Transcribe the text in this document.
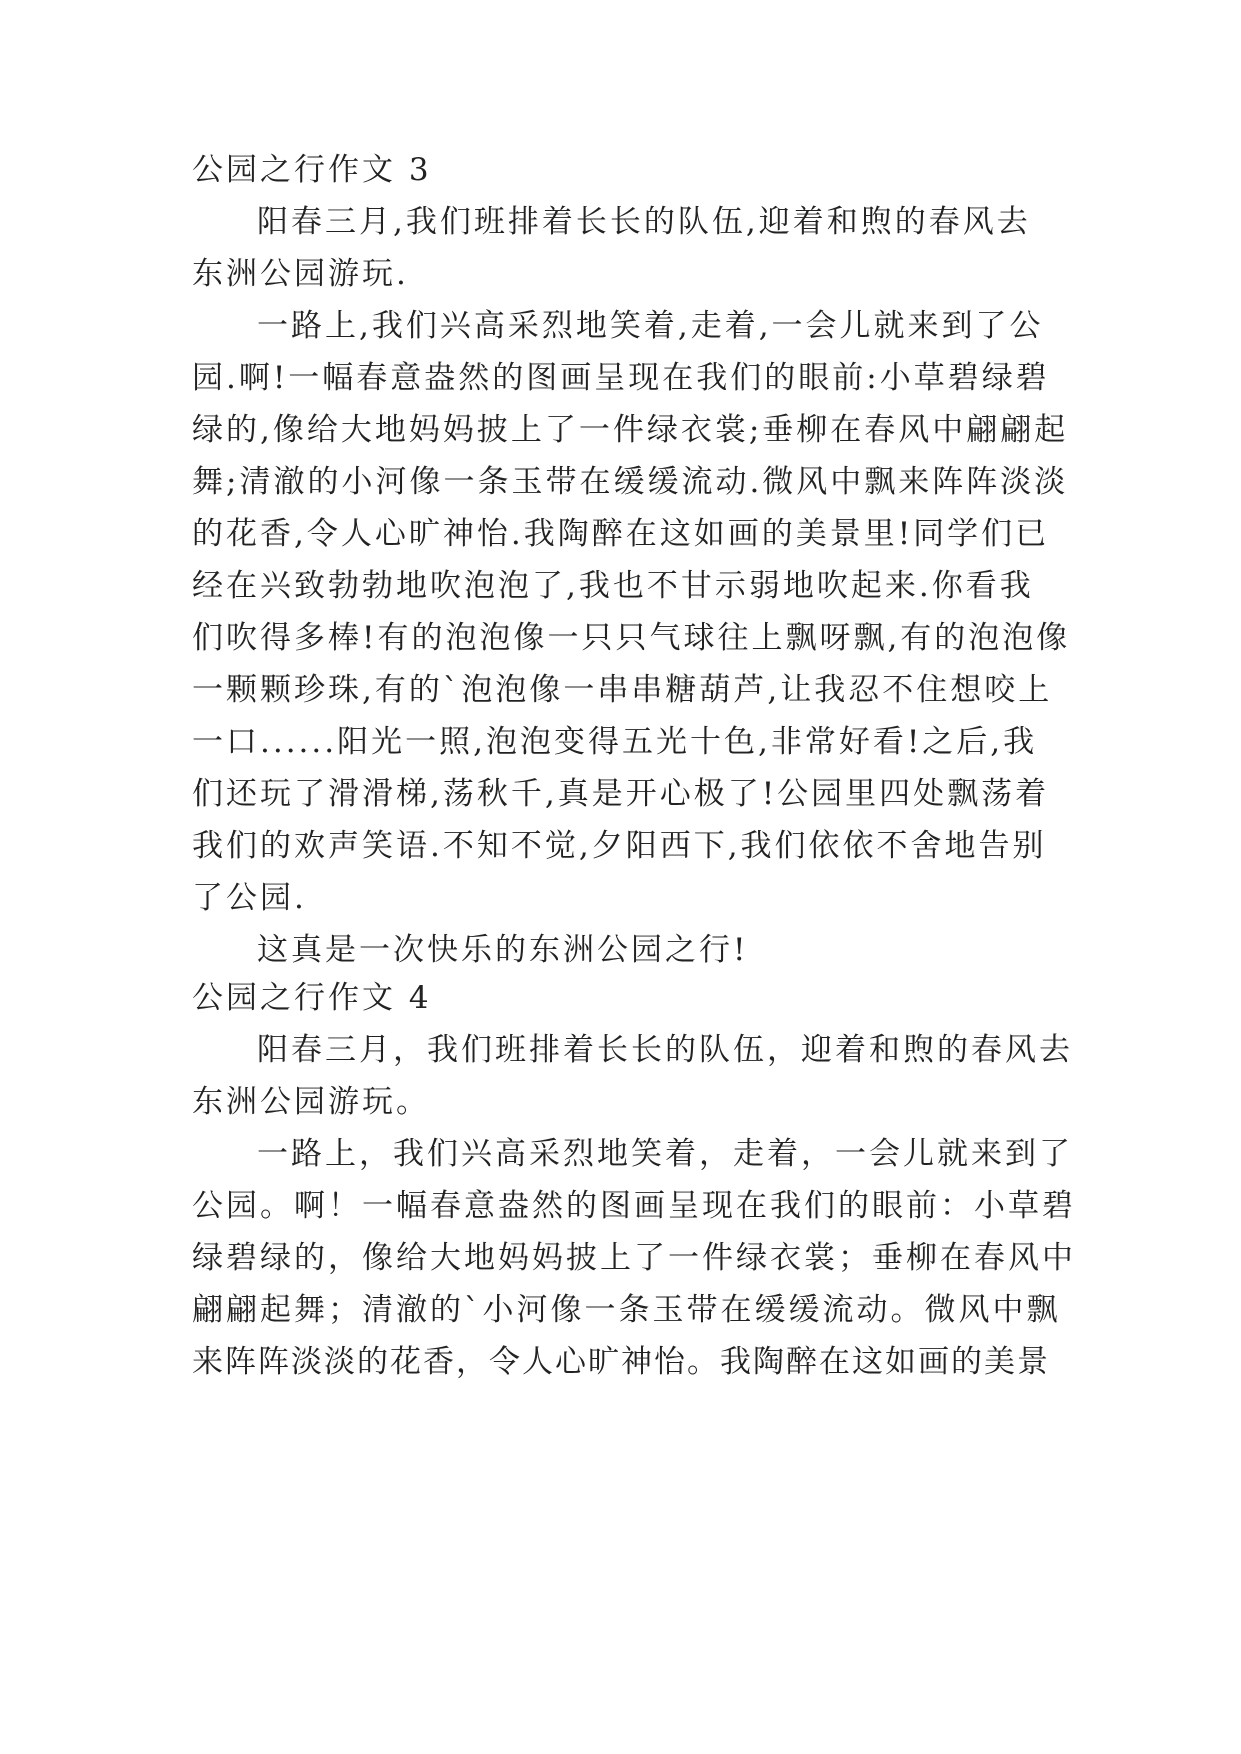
公园之行作文 3
阳春三月,我们班排着长长的队伍,迎着和煦的春风去
东洲公园游玩.
一路上,我们兴高采烈地笑着,走着,一会儿就来到了公
园.啊!一幅春意盎然的图画呈现在我们的眼前:小草碧绿碧
绿的,像给大地妈妈披上了一件绿衣裳;垂柳在春风中翩翩起
舞;清澈的小河像一条玉带在缓缓流动.微风中飘来阵阵淡淡
的花香,令人心旷神怡.我陶醉在这如画的美景里!同学们已
经在兴致勃勃地吹泡泡了,我也不甘示弱地吹起来.你看我
们吹得多棒!有的泡泡像一只只气球往上飘呀飘,有的泡泡像
一颗颗珍珠,有的`泡泡像一串串糖葫芦,让我忍不住想咬上
一口......阳光一照,泡泡变得五光十色,非常好看!之后,我
们还玩了滑滑梯,荡秋千,真是开心极了!公园里四处飘荡着
我们的欢声笑语.不知不觉,夕阳西下,我们依依不舍地告别
了公园.
这真是一次快乐的东洲公园之行!
公园之行作文 4
阳春三月，我们班排着长长的队伍，迎着和煦的春风去
东洲公园游玩。
一路上，我们兴高采烈地笑着，走着，一会儿就来到了
公园。啊！一幅春意盎然的图画呈现在我们的眼前：小草碧
绿碧绿的，像给大地妈妈披上了一件绿衣裳；垂柳在春风中
翩翩起舞；清澈的`小河像一条玉带在缓缓流动。微风中飘
来阵阵淡淡的花香，令人心旷神怡。我陶醉在这如画的美景
